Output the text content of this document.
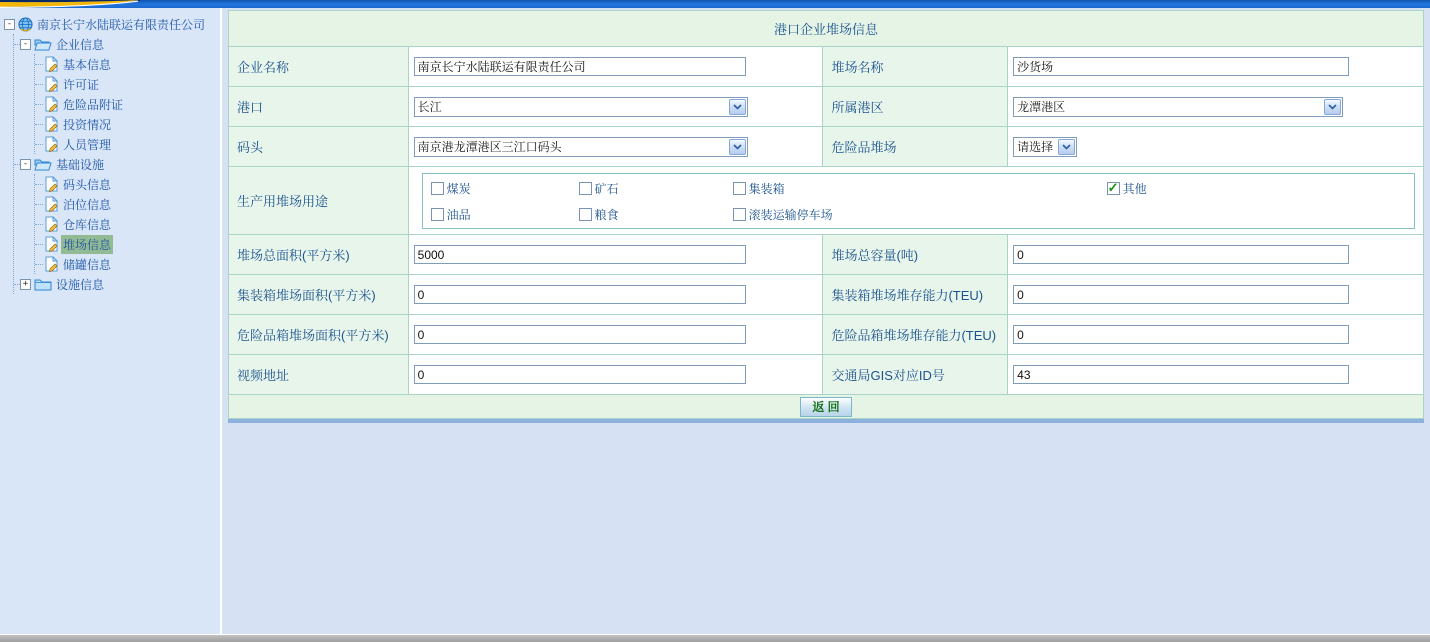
- 南京长宁水陆联运有限责任公司
- 企业信息
基本信息
许可证
危险品附证
投资情况
人员管理
- 基础设施
码头信息
泊位信息
仓库信息
堆场信息
储罐信息
+ 设施信息
港口企业堆场信息			
企业名称	南京长宁水陆联运有限责任公司	堆场名称	沙货场
港口	长江	所属港区	龙潭港区

码头	南京港龙潭港区三江口码头	危险品堆场	请选择

生产用堆场用途	
煤炭	矿石	集装箱	✓ 其他
油品	粮食	滚装运输停车场

堆场总面积(平方米)	5000	堆场总容量(吨)	0
集装箱堆场面积(平方米)	0	集装箱堆场堆存能力(TEU)	0
危险品箱堆场面积(平方米)	0	危险品箱堆场堆存能力(TEU)	0
视频地址	0	交通局GIS对应ID号	43
返 回			
